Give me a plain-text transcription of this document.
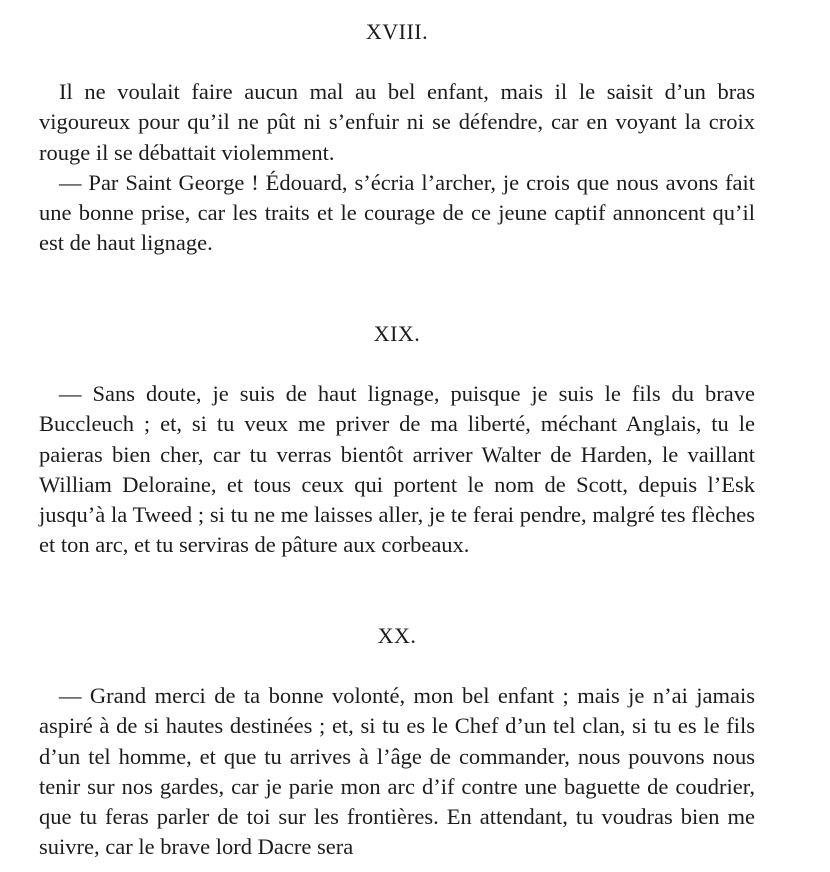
XVIII.

Il ne voulait faire aucun mal au bel enfant, mais il le saisit d’un bras vigoureux pour qu’il ne pût ni s’enfuir ni se défendre, car en voyant la croix rouge il se débattait violemment.

— Par Saint George ! Édouard, s’écria l’archer, je crois que nous avons fait une bonne prise, car les traits et le courage de ce jeune captif annoncent qu’il est de haut lignage.

XIX.

— Sans doute, je suis de haut lignage, puisque je suis le fils du brave Buccleuch ; et, si tu veux me priver de ma liberté, méchant Anglais, tu le paieras bien cher, car tu verras bientôt arriver Walter de Harden, le vaillant William Deloraine, et tous ceux qui portent le nom de Scott, depuis l’Esk jusqu’à la Tweed ; si tu ne me laisses aller, je te ferai pendre, malgré tes flèches et ton arc, et tu serviras de pâture aux corbeaux.

XX.

— Grand merci de ta bonne volonté, mon bel enfant ; mais je n’ai jamais aspiré à de si hautes destinées ; et, si tu es le Chef d’un tel clan, si tu es le fils d’un tel homme, et que tu arrives à l’âge de commander, nous pouvons nous tenir sur nos gardes, car je parie mon arc d’if contre une baguette de coudrier, que tu feras parler de toi sur les frontières. En attendant, tu voudras bien me suivre, car le brave lord Dacre sera
